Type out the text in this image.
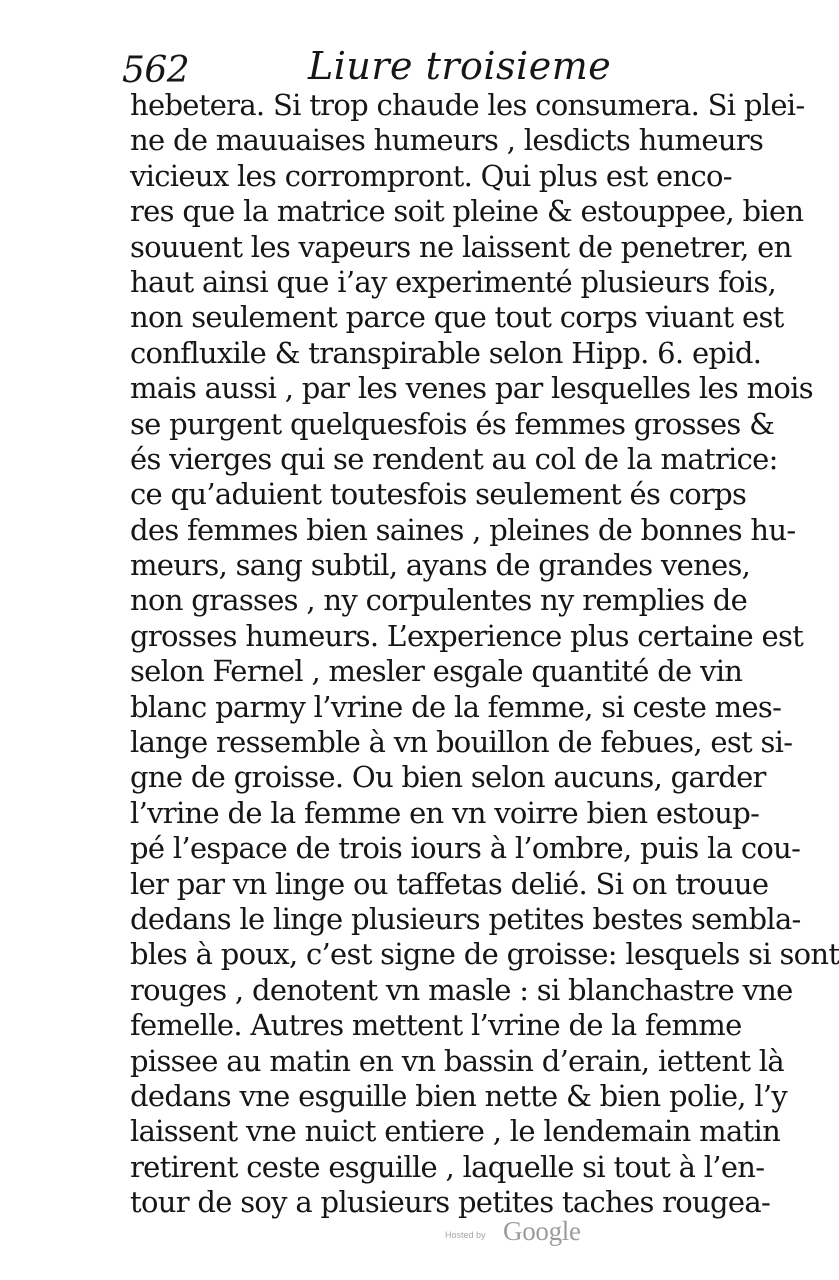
562	Liure troisieme
hebetera. Si trop chaude les consumera. Si plei-
ne de mauuaises humeurs , lesdicts humeurs
vicieux les corrompront. Qui plus est enco-
res que la matrice soit pleine & estouppee, bien
souuent les vapeurs ne laissent de penetrer, en
haut ainsi que i’ay experimenté plusieurs fois,
non seulement parce que tout corps viuant est
confluxile & transpirable selon Hipp. 6. epid.
mais aussi , par les venes par lesquelles les mois
se purgent quelquesfois és femmes grosses &
és vierges qui se rendent au col de la matrice:
ce qu’aduient toutesfois seulement és corps
des femmes bien saines , pleines de bonnes hu-
meurs, sang subtil, ayans de grandes venes,
non grasses , ny corpulentes ny remplies de
grosses humeurs. L’experience plus certaine est
selon Fernel , mesler esgale quantité de vin
blanc parmy l’vrine de la femme, si ceste mes-
lange ressemble à vn bouillon de febues, est si-
gne de groisse. Ou bien selon aucuns, garder
l’vrine de la femme en vn voirre bien estoup-
pé l’espace de trois iours à l’ombre, puis la cou-
ler par vn linge ou taffetas delié. Si on trouue
dedans le linge plusieurs petites bestes sembla-
bles à poux, c’est signe de groisse: lesquels si sont
rouges , denotent vn masle : si blanchastre vne
femelle. Autres mettent l’vrine de la femme
pissee au matin en vn bassin d’erain, iettent là
dedans vne esguille bien nette & bien polie, l’y
laissent vne nuict entiere , le lendemain matin
retirent ceste esguille , laquelle si tout à l’en-
tour de soy a plusieurs petites taches rougea-
Hosted by Google
